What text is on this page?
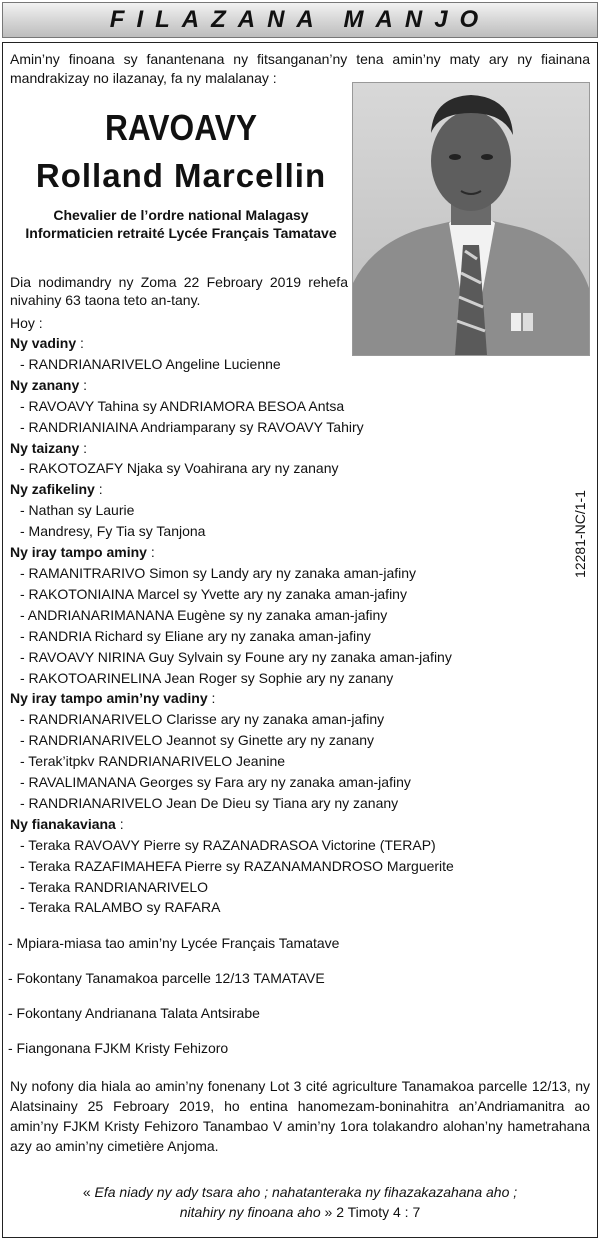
FILAZANA MANJO
Amin’ny finoana sy fanantenana ny fitsanganan’ny tena amin’ny maty ary ny fiainana mandrakizay no ilazanay, fa ny malalanay :
RAVOAVY
Rolland Marcellin
Chevalier de l’ordre national Malagasy
Informaticien retraité Lycée Français Tamatave
Dia nodimandry ny Zoma 22 Febroary 2019 rehefa nivahiny 63 taona teto an-tany.
Hoy :
Ny vadiny :
- RANDRIANARIVELO Angeline Lucienne
Ny zanany :
- RAVOAVY Tahina sy ANDRIAMORA BESOA Antsa
- RANDRIANIAINA Andriamparany sy RAVOAVY Tahiry
Ny taizany :
- RAKOTOZAFY Njaka sy Voahirana ary ny zanany
Ny zafikeliny :
- Nathan sy Laurie
- Mandresy, Fy Tia sy Tanjona
Ny iray tampo aminy :
- RAMANITRARIVO Simon sy Landy ary ny zanaka aman-jafiny
- RAKOTONIAINA Marcel sy Yvette ary ny zanaka aman-jafiny
- ANDRIANARIMANANA Eugène sy ny zanaka aman-jafiny
- RANDRIA Richard sy Eliane ary ny zanaka aman-jafiny
- RAVOAVY NIRINA Guy Sylvain sy Foune ary ny zanaka aman-jafiny
- RAKOTOARINELINA Jean Roger sy Sophie ary ny zanany
Ny iray tampo amin’ny vadiny :
- RANDRIANARIVELO Clarisse ary ny zanaka aman-jafiny
- RANDRIANARIVELO Jeannot sy Ginette ary ny zanany
- Terak’itpkv RANDRIANARIVELO Jeanine
- RAVALIMANANA Georges sy Fara ary ny zanaka aman-jafiny
- RANDRIANARIVELO Jean De Dieu sy Tiana ary ny zanany
Ny fianakaviana :
- Teraka RAVOAVY Pierre sy RAZANADRASOA Victorine (TERAP)
- Teraka RAZAFIMAHEFA Pierre sy RAZANAMANDROSO Marguerite
- Teraka RANDRIANARIVELO
- Teraka RALAMBO sy RAFARA
12281-NC/1-1
- Mpiara-miasa tao amin’ny Lycée Français Tamatave
- Fokontany Tanamakoa parcelle 12/13 TAMATAVE
- Fokontany Andrianana Talata Antsirabe
- Fiangonana FJKM Kristy Fehizoro
Ny nofony dia hiala ao amin’ny fonenany Lot 3 cité agriculture Tanamakoa parcelle 12/13, ny Alatsinainy 25 Febroary 2019, ho entina hanomezam-boninahitra an’Andriamanitra ao amin’ny FJKM Kristy Fehizoro Tanambao V amin’ny 1ora tolakandro alohan’ny hametrahana azy ao amin’ny cimetière Anjoma.
« Efa niady ny ady tsara aho ; nahatanteraka ny fihazakazahana aho ;
nitahiry ny finoana aho » 2 Timoty 4 : 7
